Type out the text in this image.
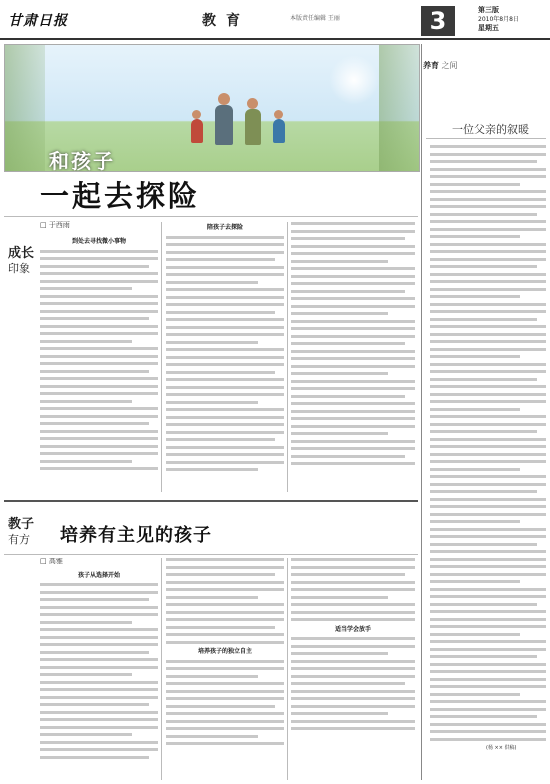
甘肃日报	教育	本版责任编辑 王丽	3	第三版
2010年8月8日
星期五
和孩子
一起去探险
成长
印象
□ 于西雨
到处去寻找微小事物
陪孩子去探险
培养有主见的孩子
教子
有方
□ 高雅
孩子从选择开始
培养孩子的独立自主
适当学会放手
养育 之间
一位父亲的叙暖
(杨 ×× 供稿)
